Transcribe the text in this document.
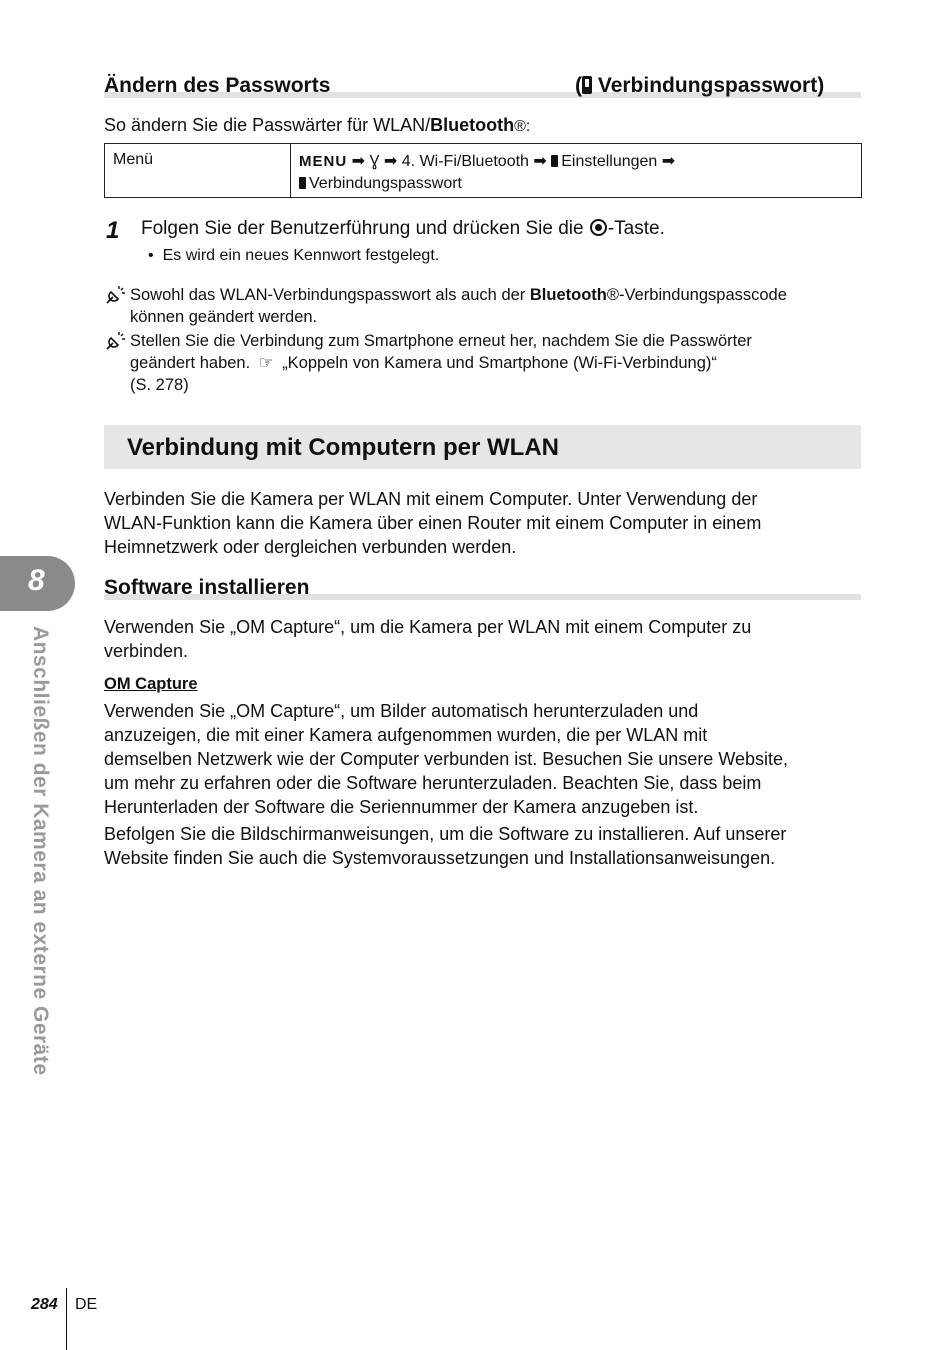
Ändern des Passworts	( Verbindungspasswort)
So ändern Sie die Passwärter für WLAN/Bluetooth®:
Menü	MENU ➡ Ɣ ➡ 4. Wi-Fi/Bluetooth ➡ Einstellungen ➡
Verbindungspasswort
1 Folgen Sie der Benutzerführung und drücken Sie die -Taste.
• Es wird ein neues Kennwort festgelegt.
Sowohl das WLAN-Verbindungspasswort als auch der Bluetooth®-Verbindungspasscode
können geändert werden.
Stellen Sie die Verbindung zum Smartphone erneut her, nachdem Sie die Passwörter
geändert haben. ☞ „Koppeln von Kamera und Smartphone (Wi-Fi-Verbindung)“
(S. 278)
Verbindung mit Computern per WLAN
Verbinden Sie die Kamera per WLAN mit einem Computer. Unter Verwendung der
WLAN-Funktion kann die Kamera über einen Router mit einem Computer in einem
Heimnetzwerk oder dergleichen verbunden werden.
Software installieren
Verwenden Sie „OM Capture“, um die Kamera per WLAN mit einem Computer zu
verbinden.
OM Capture
Verwenden Sie „OM Capture“, um Bilder automatisch herunterzuladen und
anzuzeigen, die mit einer Kamera aufgenommen wurden, die per WLAN mit
demselben Netzwerk wie der Computer verbunden ist. Besuchen Sie unsere Website,
um mehr zu erfahren oder die Software herunterzuladen. Beachten Sie, dass beim
Herunterladen der Software die Seriennummer der Kamera anzugeben ist.
Befolgen Sie die Bildschirmanweisungen, um die Software zu installieren. Auf unserer
Website finden Sie auch die Systemvoraussetzungen und Installationsanweisungen.
8
Anschließen der Kamera an externe Geräte
284 DE
